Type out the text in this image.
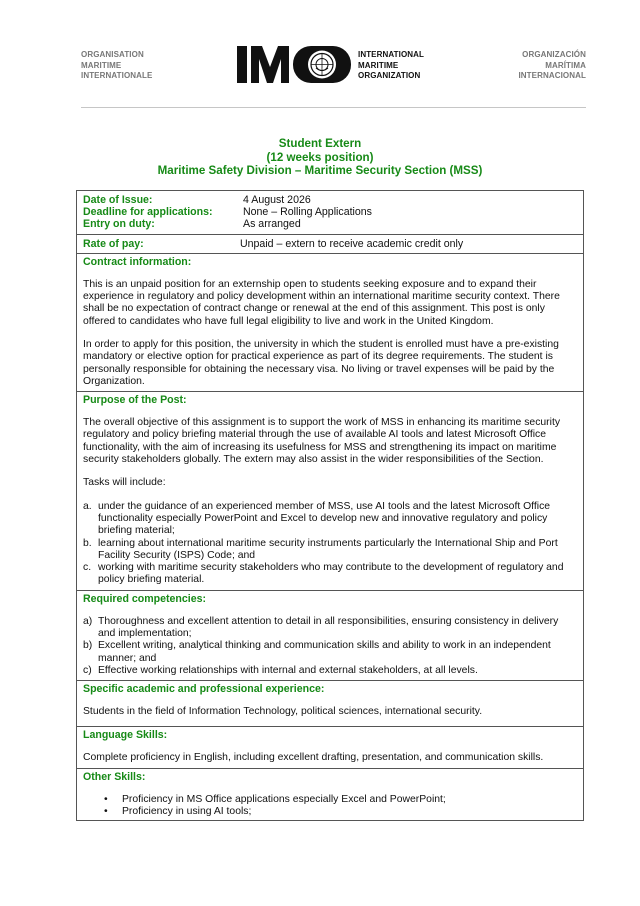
ORGANISATION
MARITIME
INTERNATIONALE
IMO
INTERNATIONAL
MARITIME
ORGANIZATION
ORGANIZACIÓN
MARÍTIMA
INTERNACIONAL
Student Extern
(12 weeks position)
Maritime Safety Division – Maritime Security Section (MSS)
Date of Issue:	4 August 2026
Deadline for applications:	None – Rolling Applications
Entry on duty:	As arranged
Rate of pay:	Unpaid – extern to receive academic credit only
Contract information:
This is an unpaid position for an externship open to students seeking exposure and to expand their experience in regulatory and policy development within an international maritime security context. There shall be no expectation of contract change or renewal at the end of this assignment. This post is only offered to candidates who have full legal eligibility to live and work in the United Kingdom.
In order to apply for this position, the university in which the student is enrolled must have a pre-existing mandatory or elective option for practical experience as part of its degree requirements. The student is personally responsible for obtaining the necessary visa. No living or travel expenses will be paid by the Organization.
Purpose of the Post:
The overall objective of this assignment is to support the work of MSS in enhancing its maritime security regulatory and policy briefing material through the use of available AI tools and latest Microsoft Office functionality, with the aim of increasing its usefulness for MSS and strengthening its impact on maritime security stakeholders globally. The extern may also assist in the wider responsibilities of the Section.
Tasks will include:
a. under the guidance of an experienced member of MSS, use AI tools and the latest Microsoft Office functionality especially PowerPoint and Excel to develop new and innovative regulatory and policy briefing material;
b. learning about international maritime security instruments particularly the International Ship and Port Facility Security (ISPS) Code; and
c. working with maritime security stakeholders who may contribute to the development of regulatory and policy briefing material.
Required competencies:
a) Thoroughness and excellent attention to detail in all responsibilities, ensuring consistency in delivery and implementation;
b) Excellent writing, analytical thinking and communication skills and ability to work in an independent manner; and
c) Effective working relationships with internal and external stakeholders, at all levels.
Specific academic and professional experience:
Students in the field of Information Technology, political sciences, international security.
Language Skills:
Complete proficiency in English, including excellent drafting, presentation, and communication skills.
Other Skills:
• Proficiency in MS Office applications especially Excel and PowerPoint;
• Proficiency in using AI tools;
